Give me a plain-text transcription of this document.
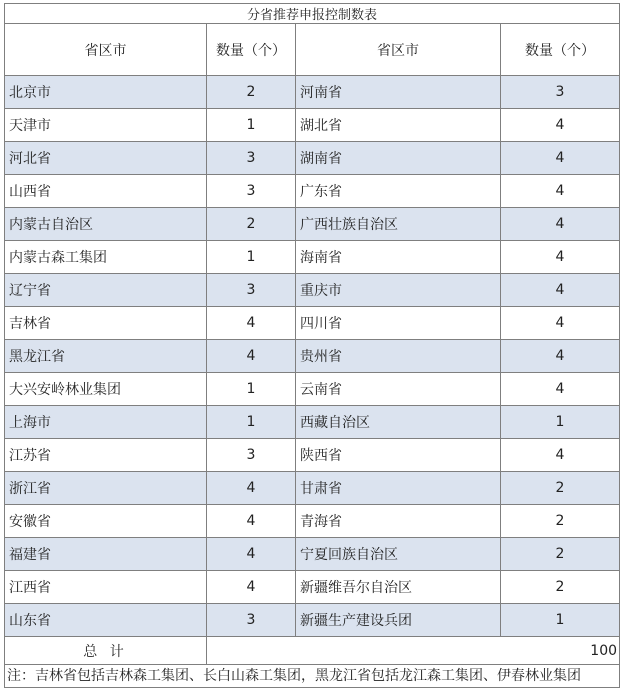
分省推荐申报控制数表			
省区市	数量（个）	省区市	数量（个）
北京市	2	河南省	3
天津市	1	湖北省	4
河北省	3	湖南省	4
山西省	3	广东省	4
内蒙古自治区	2	广西壮族自治区	4
内蒙古森工集团	1	海南省	4
辽宁省	3	重庆市	4
吉林省	4	四川省	4
黑龙江省	4	贵州省	4
大兴安岭林业集团	1	云南省	4
上海市	1	西藏自治区	1
江苏省	3	陕西省	4
浙江省	4	甘肃省	2
安徽省	4	青海省	2
福建省	4	宁夏回族自治区	2
江西省	4	新疆维吾尔自治区	2
山东省	3	新疆生产建设兵团	1
总 计	100		
注：吉林省包括吉林森工集团、长白山森工集团，黑龙江省包括龙江森工集团、伊春林业集团
